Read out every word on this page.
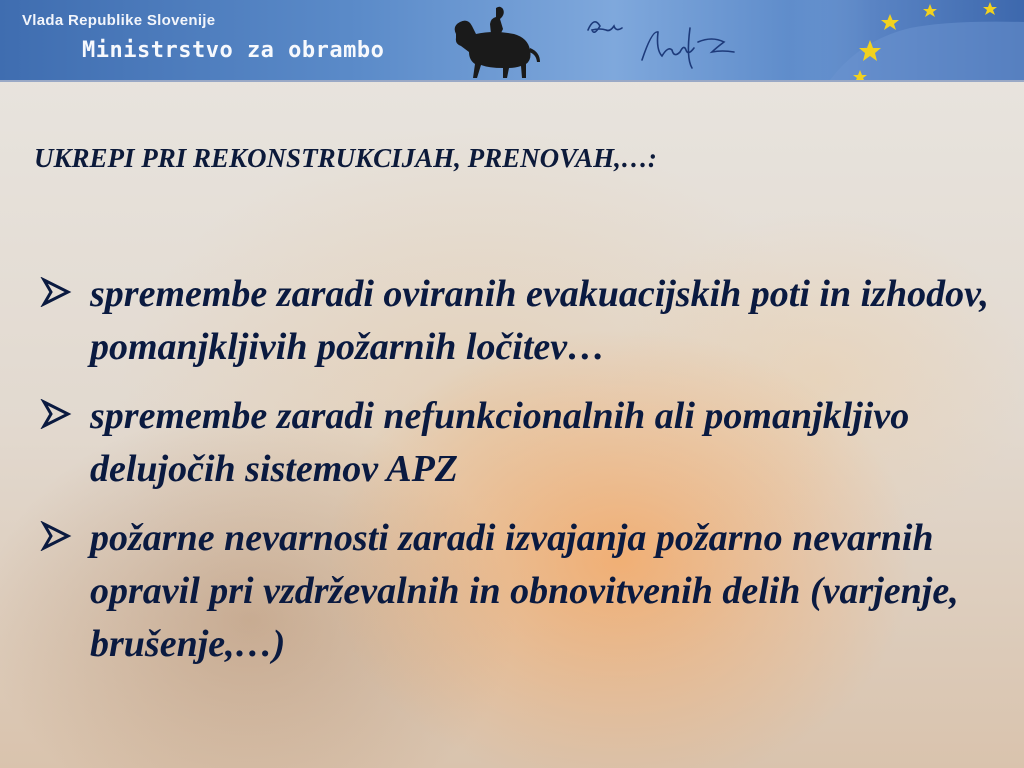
Vlada Republike Slovenije
Ministrstvo za obrambo
UKREPI PRI REKONSTRUKCIJAH, PRENOVAH,…:
spremembe zaradi oviranih evakuacijskih poti in izhodov, pomanjkljivih požarnih ločitev…
spremembe zaradi nefunkcionalnih ali pomanjkljivo delujočih sistemov APZ
požarne nevarnosti zaradi izvajanja požarno nevarnih opravil pri vzdrževalnih in obnovitvenih delih (varjenje, brušenje,…)
